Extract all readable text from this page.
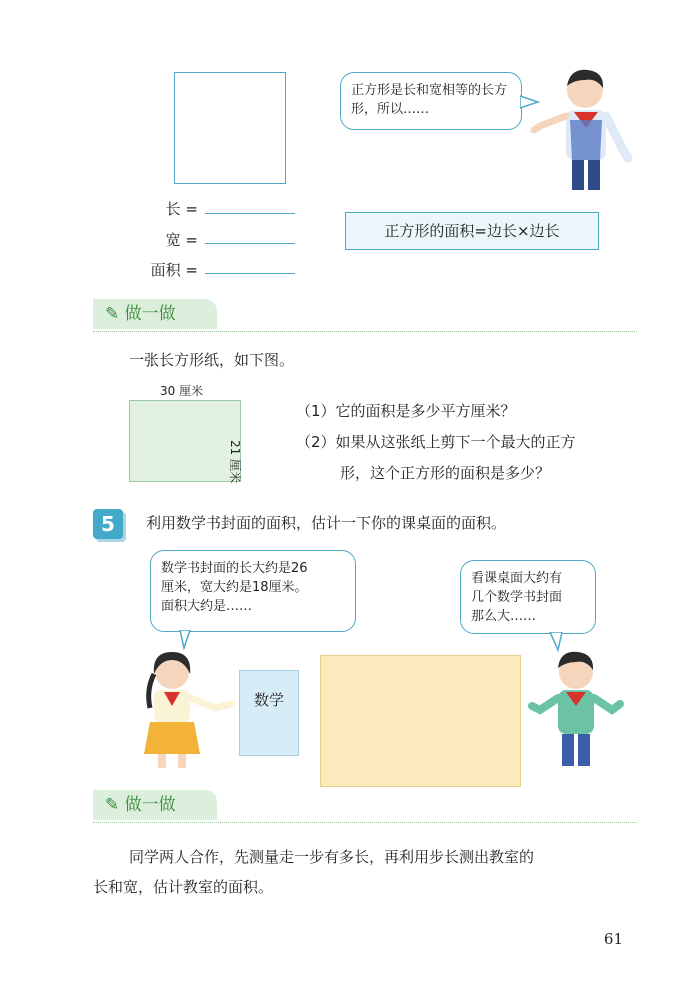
长 =
宽 =
面积 =
正方形是长和宽相等的长方形，所以……
正方形的面积=边长×边长
✎ 做一做
一张长方形纸，如下图。
30 厘米
21 厘米
（1）它的面积是多少平方厘米？
（2）如果从这张纸上剪下一个最大的正方
形，这个正方形的面积是多少？
5	利用数学书封面的面积，估计一下你的课桌面的面积。
数学书封面的长大约是26
厘米，宽大约是18厘米。
面积大约是……
看课桌面大约有
几个数学书封面
那么大……
数学
✎ 做一做
同学两人合作，先测量走一步有多长，再利用步长测出教室的
长和宽，估计教室的面积。
61
